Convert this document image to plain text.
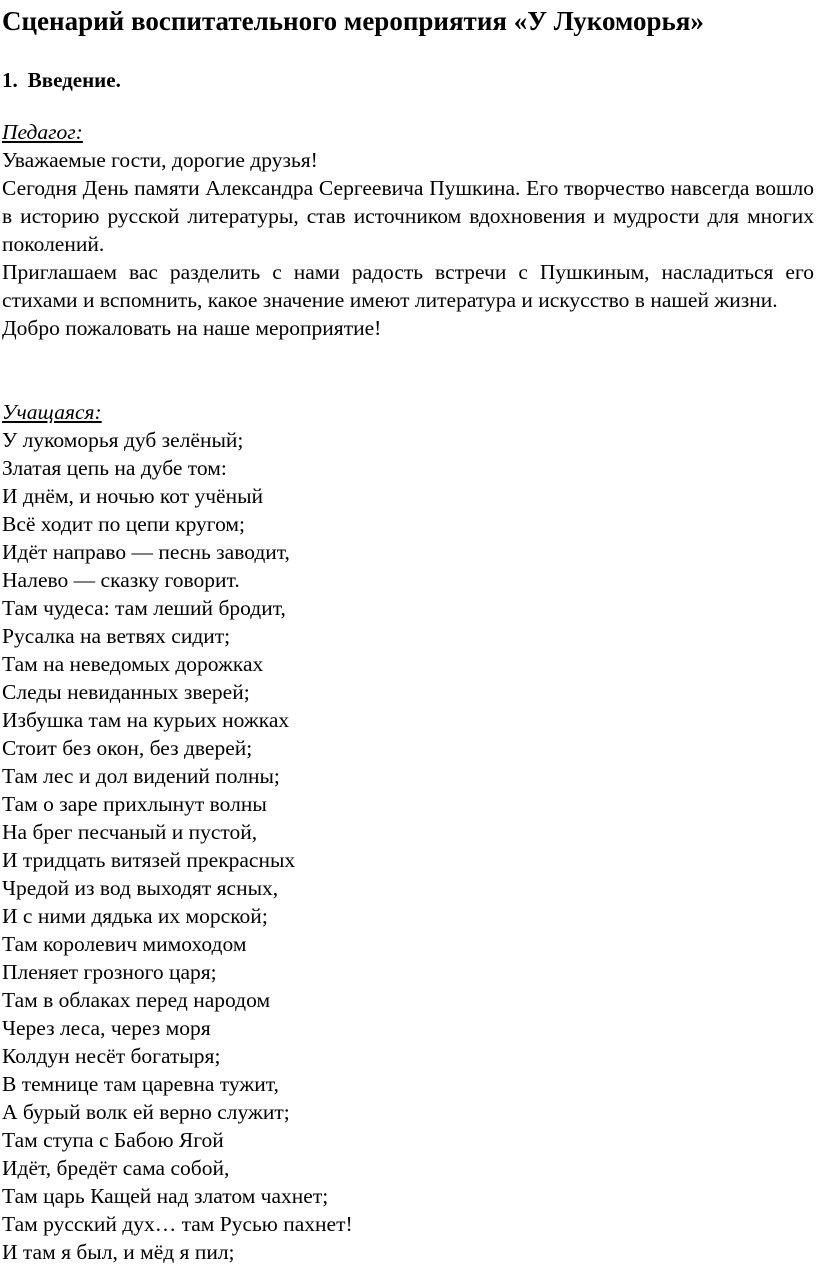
Сценарий воспитательного мероприятия «У Лукоморья»
1. Введение.
Педагог:

Уважаемые гости, дорогие друзья!

Сегодня День памяти Александра Сергеевича Пушкина. Его творчество навсегда вошло в историю русской литературы, став источником вдохновения и мудрости для многих поколений.

Приглашаем вас разделить с нами радость встречи с Пушкиным, насладиться его стихами и вспомнить, какое значение имеют литература и искусство в нашей жизни.

Добро пожаловать на наше мероприятие!

Учащаяся:
У лукоморья дуб зелёный;
Златая цепь на дубе том:
И днём, и ночью кот учёный
Всё ходит по цепи кругом;
Идёт направо — песнь заводит,
Налево — сказку говорит.
Там чудеса: там леший бродит,
Русалка на ветвях сидит;
Там на неведомых дорожках
Следы невиданных зверей;
Избушка там на курьих ножках
Стоит без окон, без дверей;
Там лес и дол видений полны;
Там о заре прихлынут волны
На брег песчаный и пустой,
И тридцать витязей прекрасных
Чредой из вод выходят ясных,
И с ними дядька их морской;
Там королевич мимоходом
Пленяет грозного царя;
Там в облаках перед народом
Через леса, через моря
Колдун несёт богатыря;
В темнице там царевна тужит,
А бурый волк ей верно служит;
Там ступа с Бабою Ягой
Идёт, бредёт сама собой,
Там царь Кащей над златом чахнет;
Там русский дух… там Русью пахнет!
И там я был, и мёд я пил;
